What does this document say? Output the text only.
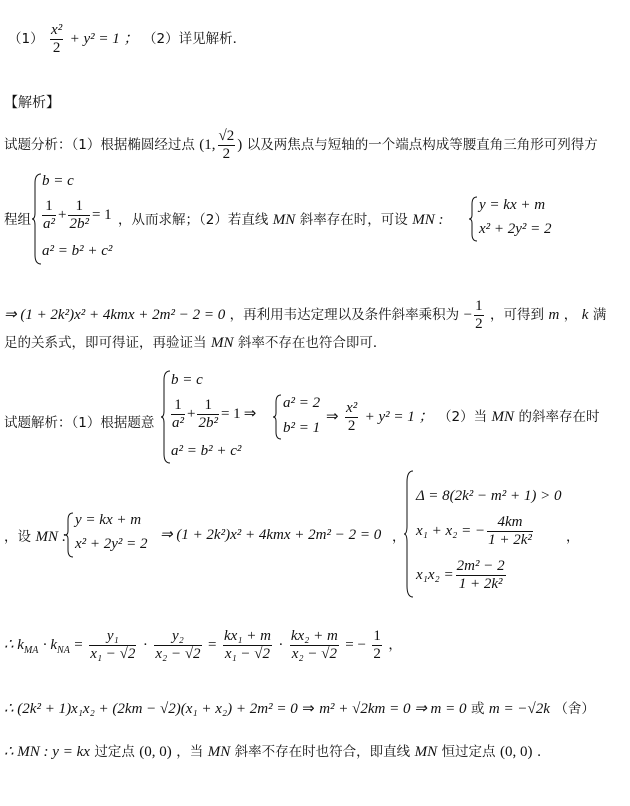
$(1) \frac{\text{x²}}{2} + y^2 = 1$ ； （2）详见解析．
【解析】
试题分析：（1）根据椭圆经过点 (1, $\frac{√2}{2}$ ) 以及两焦点与短轴的一个端点构成等腰直角三角形可列得方
程组
b = c
$\frac{1}{\text{a²}} + \frac{1}{\text{2b²}} = 1$
a² = b² + c²
，从而求解；（2）若直线 MN 斜率存在时，可设 MN :
y = kx + m
x² + 2y² = 2
⇒ (1 + 2k²)x² + 4kmx + 2m² − 2 = 0 ，再利用韦达定理以及条件斜率乘积为 − $\frac{1}{2}$ ，可得到 m ， k 满
足的关系式，即可得证，再验证当 MN 斜率不存在也符合即可．
试题解析：（1）根据题意
b = c
$\frac{1}{\text{a²}} + \frac{1}{\text{2b²}} = 1$ ⇒
a² = b² + c²
a² = 2
b² = 1
⇒ $\frac{\text{x²}}{2} + y^2 = 1$ ； （2）当 MN 的斜率存在时
，设 MN :
y = kx + m
x² + 2y² = 2
⇒ (1 + 2k²)x² + 4kmx + 2m² − 2 = 0 ，
Δ = 8(2k² − m² + 1) > 0
x₁ + x₂ = − $\frac{4km}{\text{1 + 2k²}}$
$x_1x_2 = \frac{\text{2m² − 2}}{\text{1 + 2k²}}$
，
∴ $k_{MA} \cdot k_{NA} = \frac{\text{y₁}}{\text{x₁ − √2}} \cdot \frac{\text{y₂}}{\text{x₂ − √2}} = \frac{\text{kx₁ + m}}{\text{x₁ − √2}} \cdot \frac{\text{kx₂ + m}}{\text{x₂ − √2}}$ = − $\frac{1}{2}$ ，
∴ (2k² + 1)x₁x₂ + (2km − √2)(x₁ + x₂) + 2m² = 0 ⇒ m² + √2km = 0 ⇒ m = 0 或 m = −√2k （舍）
∴ MN : y = kx 过定点 (0, 0) ，当 MN 斜率不存在时也符合，即直线 MN 恒过定点 (0, 0) ．
